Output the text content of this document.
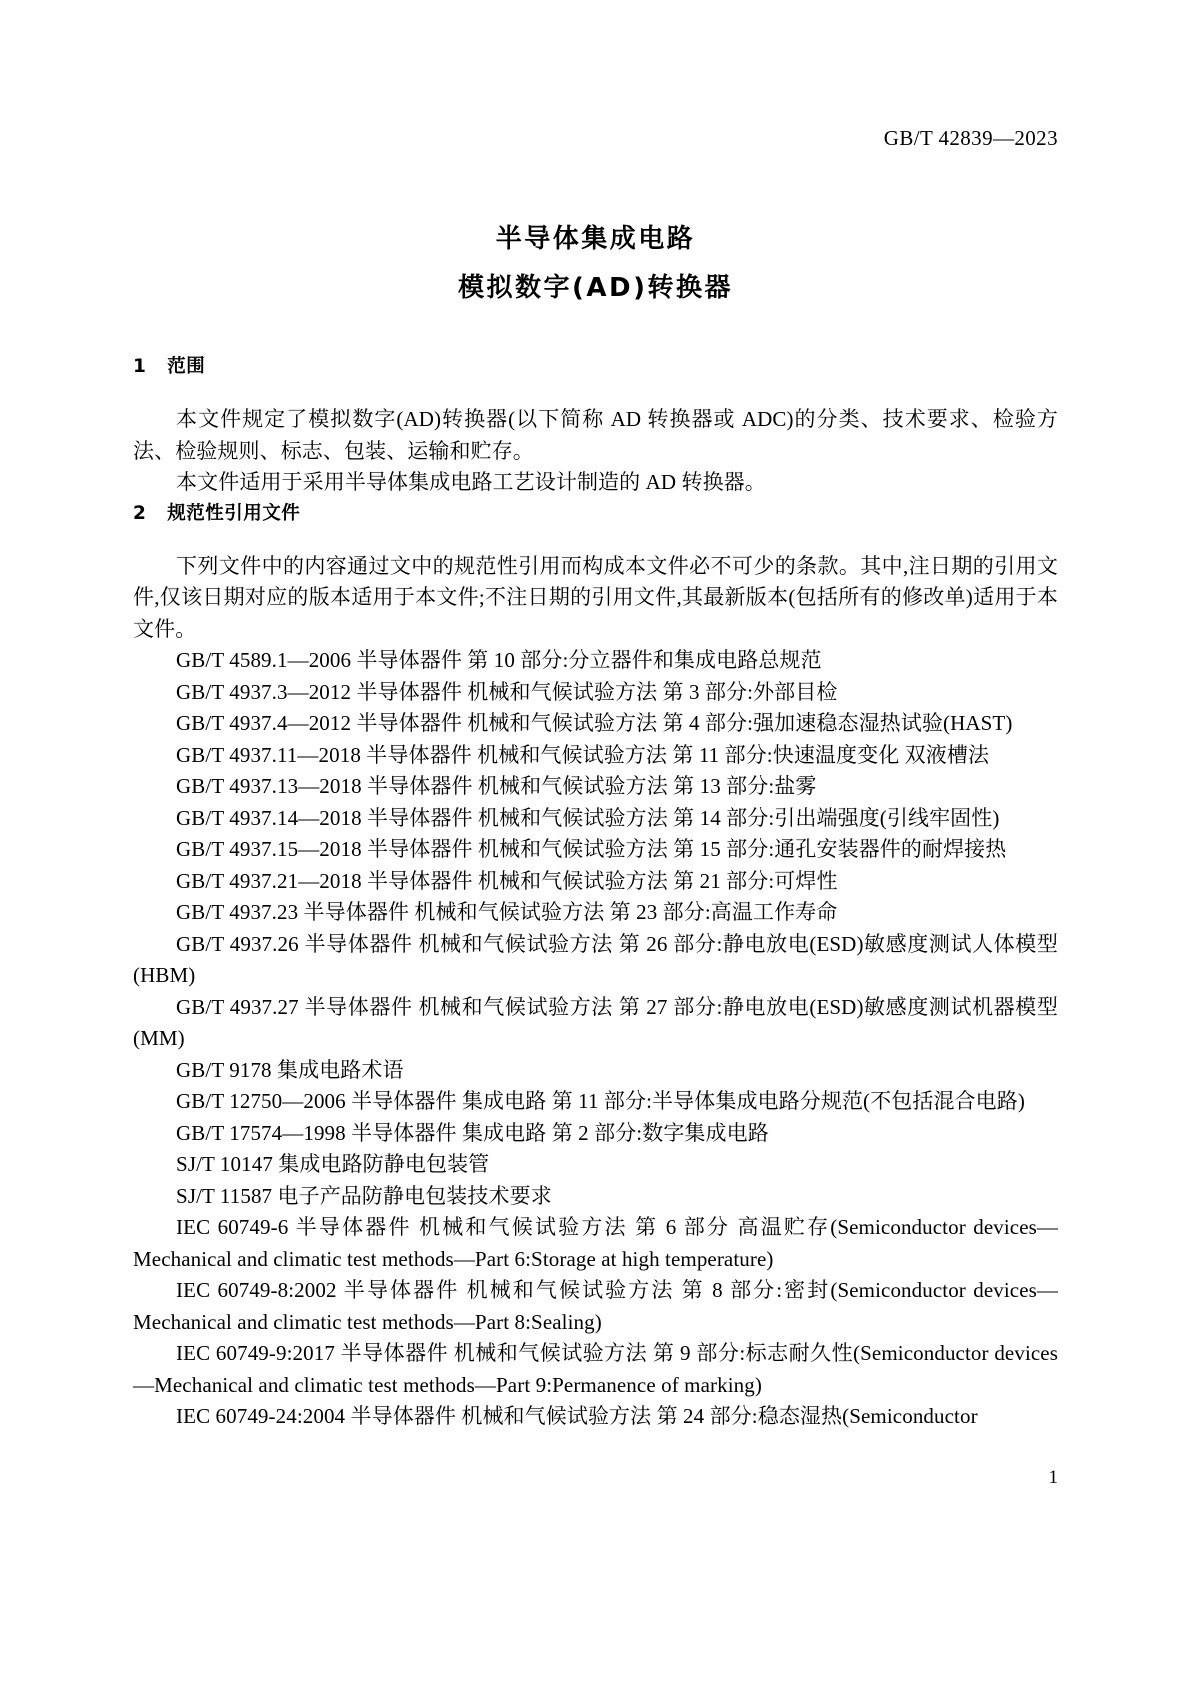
GB/T 42839—2023
半导体集成电路
模拟数字(AD)转换器
1   范围

本文件规定了模拟数字(AD)转换器(以下简称 AD 转换器或 ADC)的分类、技术要求、检验方法、检验规则、标志、包装、运输和贮存。

本文件适用于采用半导体集成电路工艺设计制造的 AD 转换器。

2   规范性引用文件

下列文件中的内容通过文中的规范性引用而构成本文件必不可少的条款。其中,注日期的引用文件,仅该日期对应的版本适用于本文件;不注日期的引用文件,其最新版本(包括所有的修改单)适用于本文件。

GB/T 4589.1—2006 半导体器件 第 10 部分:分立器件和集成电路总规范
GB/T 4937.3—2012 半导体器件 机械和气候试验方法 第 3 部分:外部目检
GB/T 4937.4—2012 半导体器件 机械和气候试验方法 第 4 部分:强加速稳态湿热试验(HAST)
GB/T 4937.11—2018 半导体器件 机械和气候试验方法 第 11 部分:快速温度变化 双液槽法
GB/T 4937.13—2018 半导体器件 机械和气候试验方法 第 13 部分:盐雾
GB/T 4937.14—2018 半导体器件 机械和气候试验方法 第 14 部分:引出端强度(引线牢固性)
GB/T 4937.15—2018 半导体器件 机械和气候试验方法 第 15 部分:通孔安装器件的耐焊接热
GB/T 4937.21—2018 半导体器件 机械和气候试验方法 第 21 部分:可焊性
GB/T 4937.23 半导体器件 机械和气候试验方法 第 23 部分:高温工作寿命
GB/T 4937.26 半导体器件 机械和气候试验方法 第 26 部分:静电放电(ESD)敏感度测试人体模型(HBM)
GB/T 4937.27 半导体器件 机械和气候试验方法 第 27 部分:静电放电(ESD)敏感度测试机器模型(MM)
GB/T 9178 集成电路术语
GB/T 12750—2006 半导体器件 集成电路 第 11 部分:半导体集成电路分规范(不包括混合电路)
GB/T 17574—1998 半导体器件 集成电路 第 2 部分:数字集成电路
SJ/T 10147 集成电路防静电包装管
SJ/T 11587 电子产品防静电包装技术要求
IEC 60749-6 半导体器件 机械和气候试验方法 第 6 部分 高温贮存(Semiconductor devices—Mechanical and climatic test methods—Part 6:Storage at high temperature)
IEC 60749-8:2002 半导体器件 机械和气候试验方法 第 8 部分:密封(Semiconductor devices—Mechanical and climatic test methods—Part 8:Sealing)
IEC 60749-9:2017 半导体器件 机械和气候试验方法 第 9 部分:标志耐久性(Semiconductor devices—Mechanical and climatic test methods—Part 9:Permanence of marking)
IEC 60749-24:2004 半导体器件 机械和气候试验方法 第 24 部分:稳态湿热(Semiconductor
1
